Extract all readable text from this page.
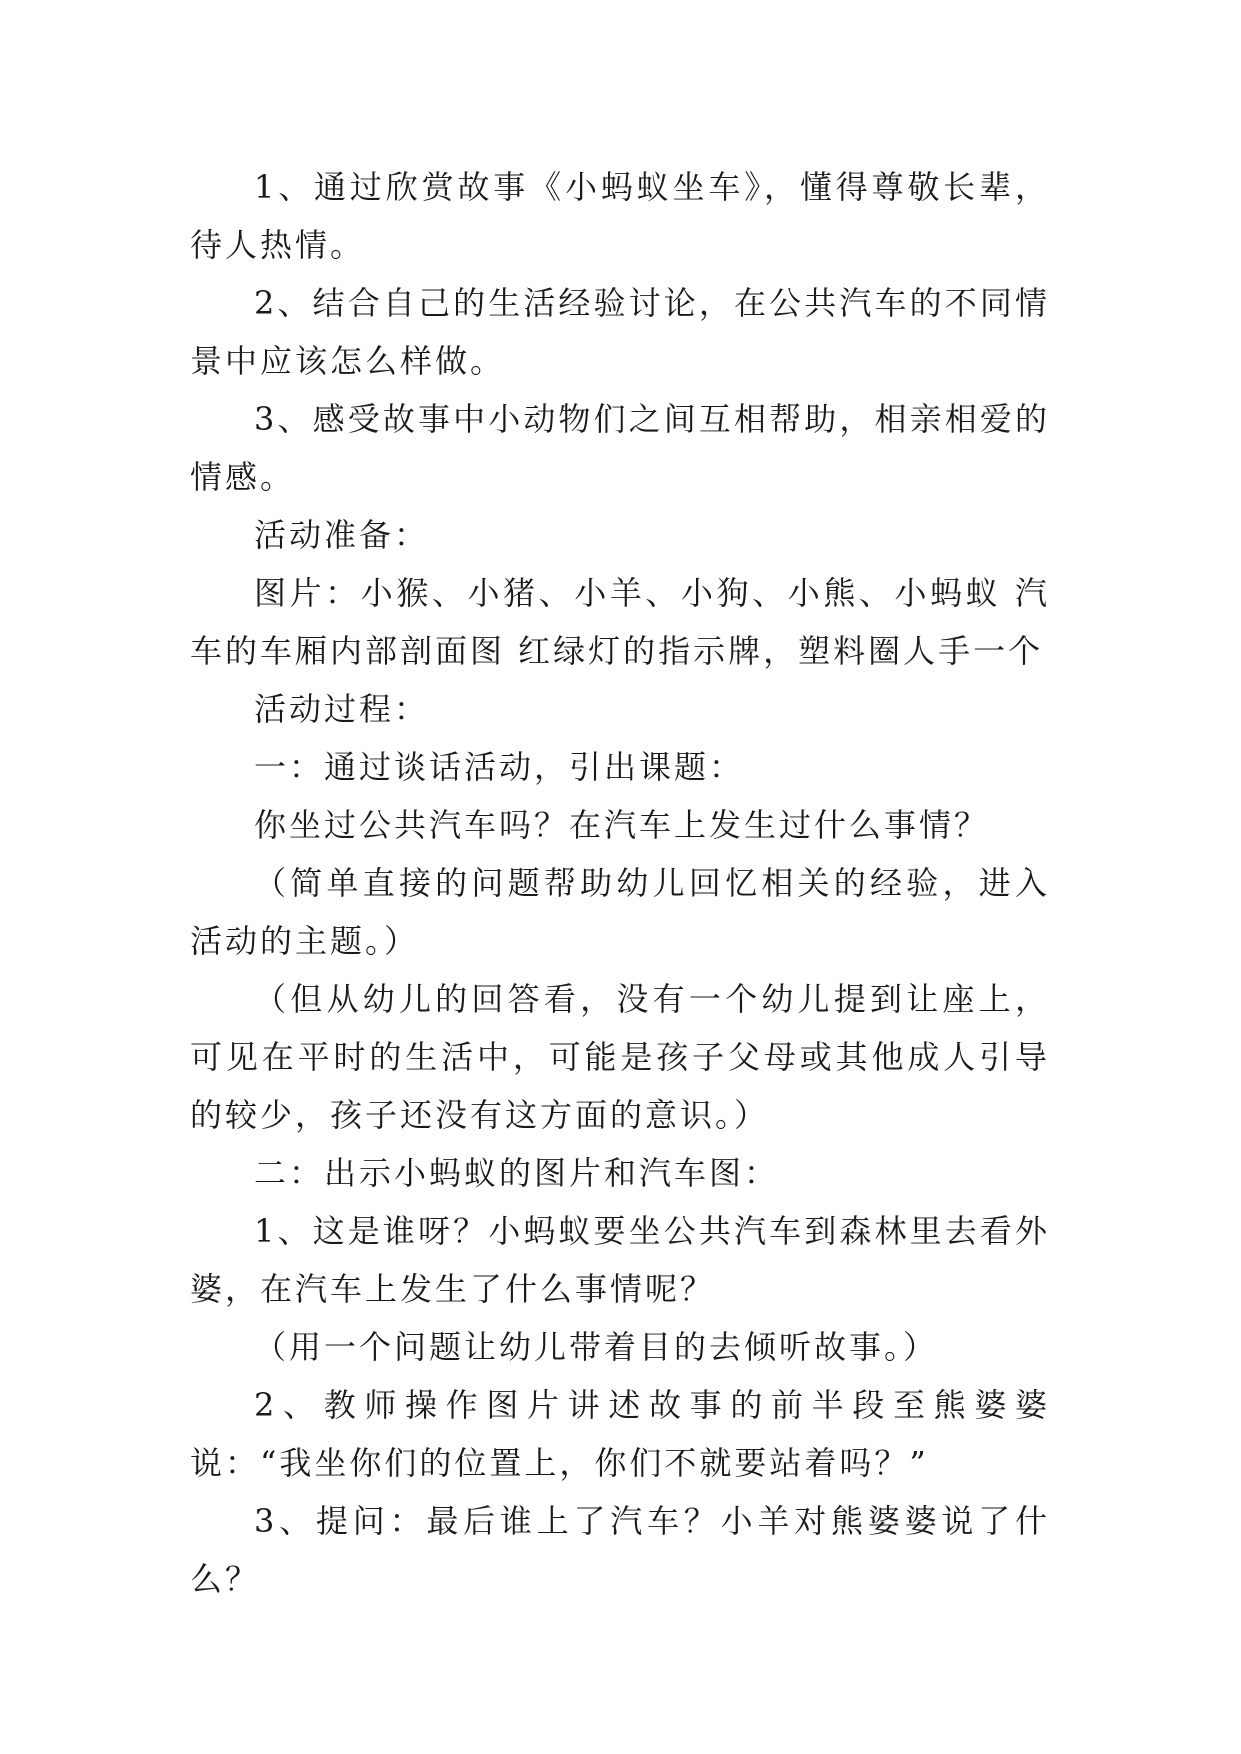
1、通过欣赏故事《小蚂蚁坐车》，懂得尊敬长辈，待人热情。

2、结合自己的生活经验讨论，在公共汽车的不同情景中应该怎么样做。

3、感受故事中小动物们之间互相帮助，相亲相爱的情感。

活动准备：

图片：小猴、小猪、小羊、小狗、小熊、小蚂蚁 汽车的车厢内部剖面图 红绿灯的指示牌，塑料圈人手一个

活动过程：

一：通过谈话活动，引出课题：

你坐过公共汽车吗？在汽车上发生过什么事情？

（简单直接的问题帮助幼儿回忆相关的经验，进入活动的主题。）

（但从幼儿的回答看，没有一个幼儿提到让座上，可见在平时的生活中，可能是孩子父母或其他成人引导的较少，孩子还没有这方面的意识。）

二：出示小蚂蚁的图片和汽车图：

1、这是谁呀？小蚂蚁要坐公共汽车到森林里去看外婆，在汽车上发生了什么事情呢？

（用一个问题让幼儿带着目的去倾听故事。）

2、教师操作图片讲述故事的前半段至熊婆婆说：“我坐你们的位置上，你们不就要站着吗？”

3、提问：最后谁上了汽车？小羊对熊婆婆说了什么？
